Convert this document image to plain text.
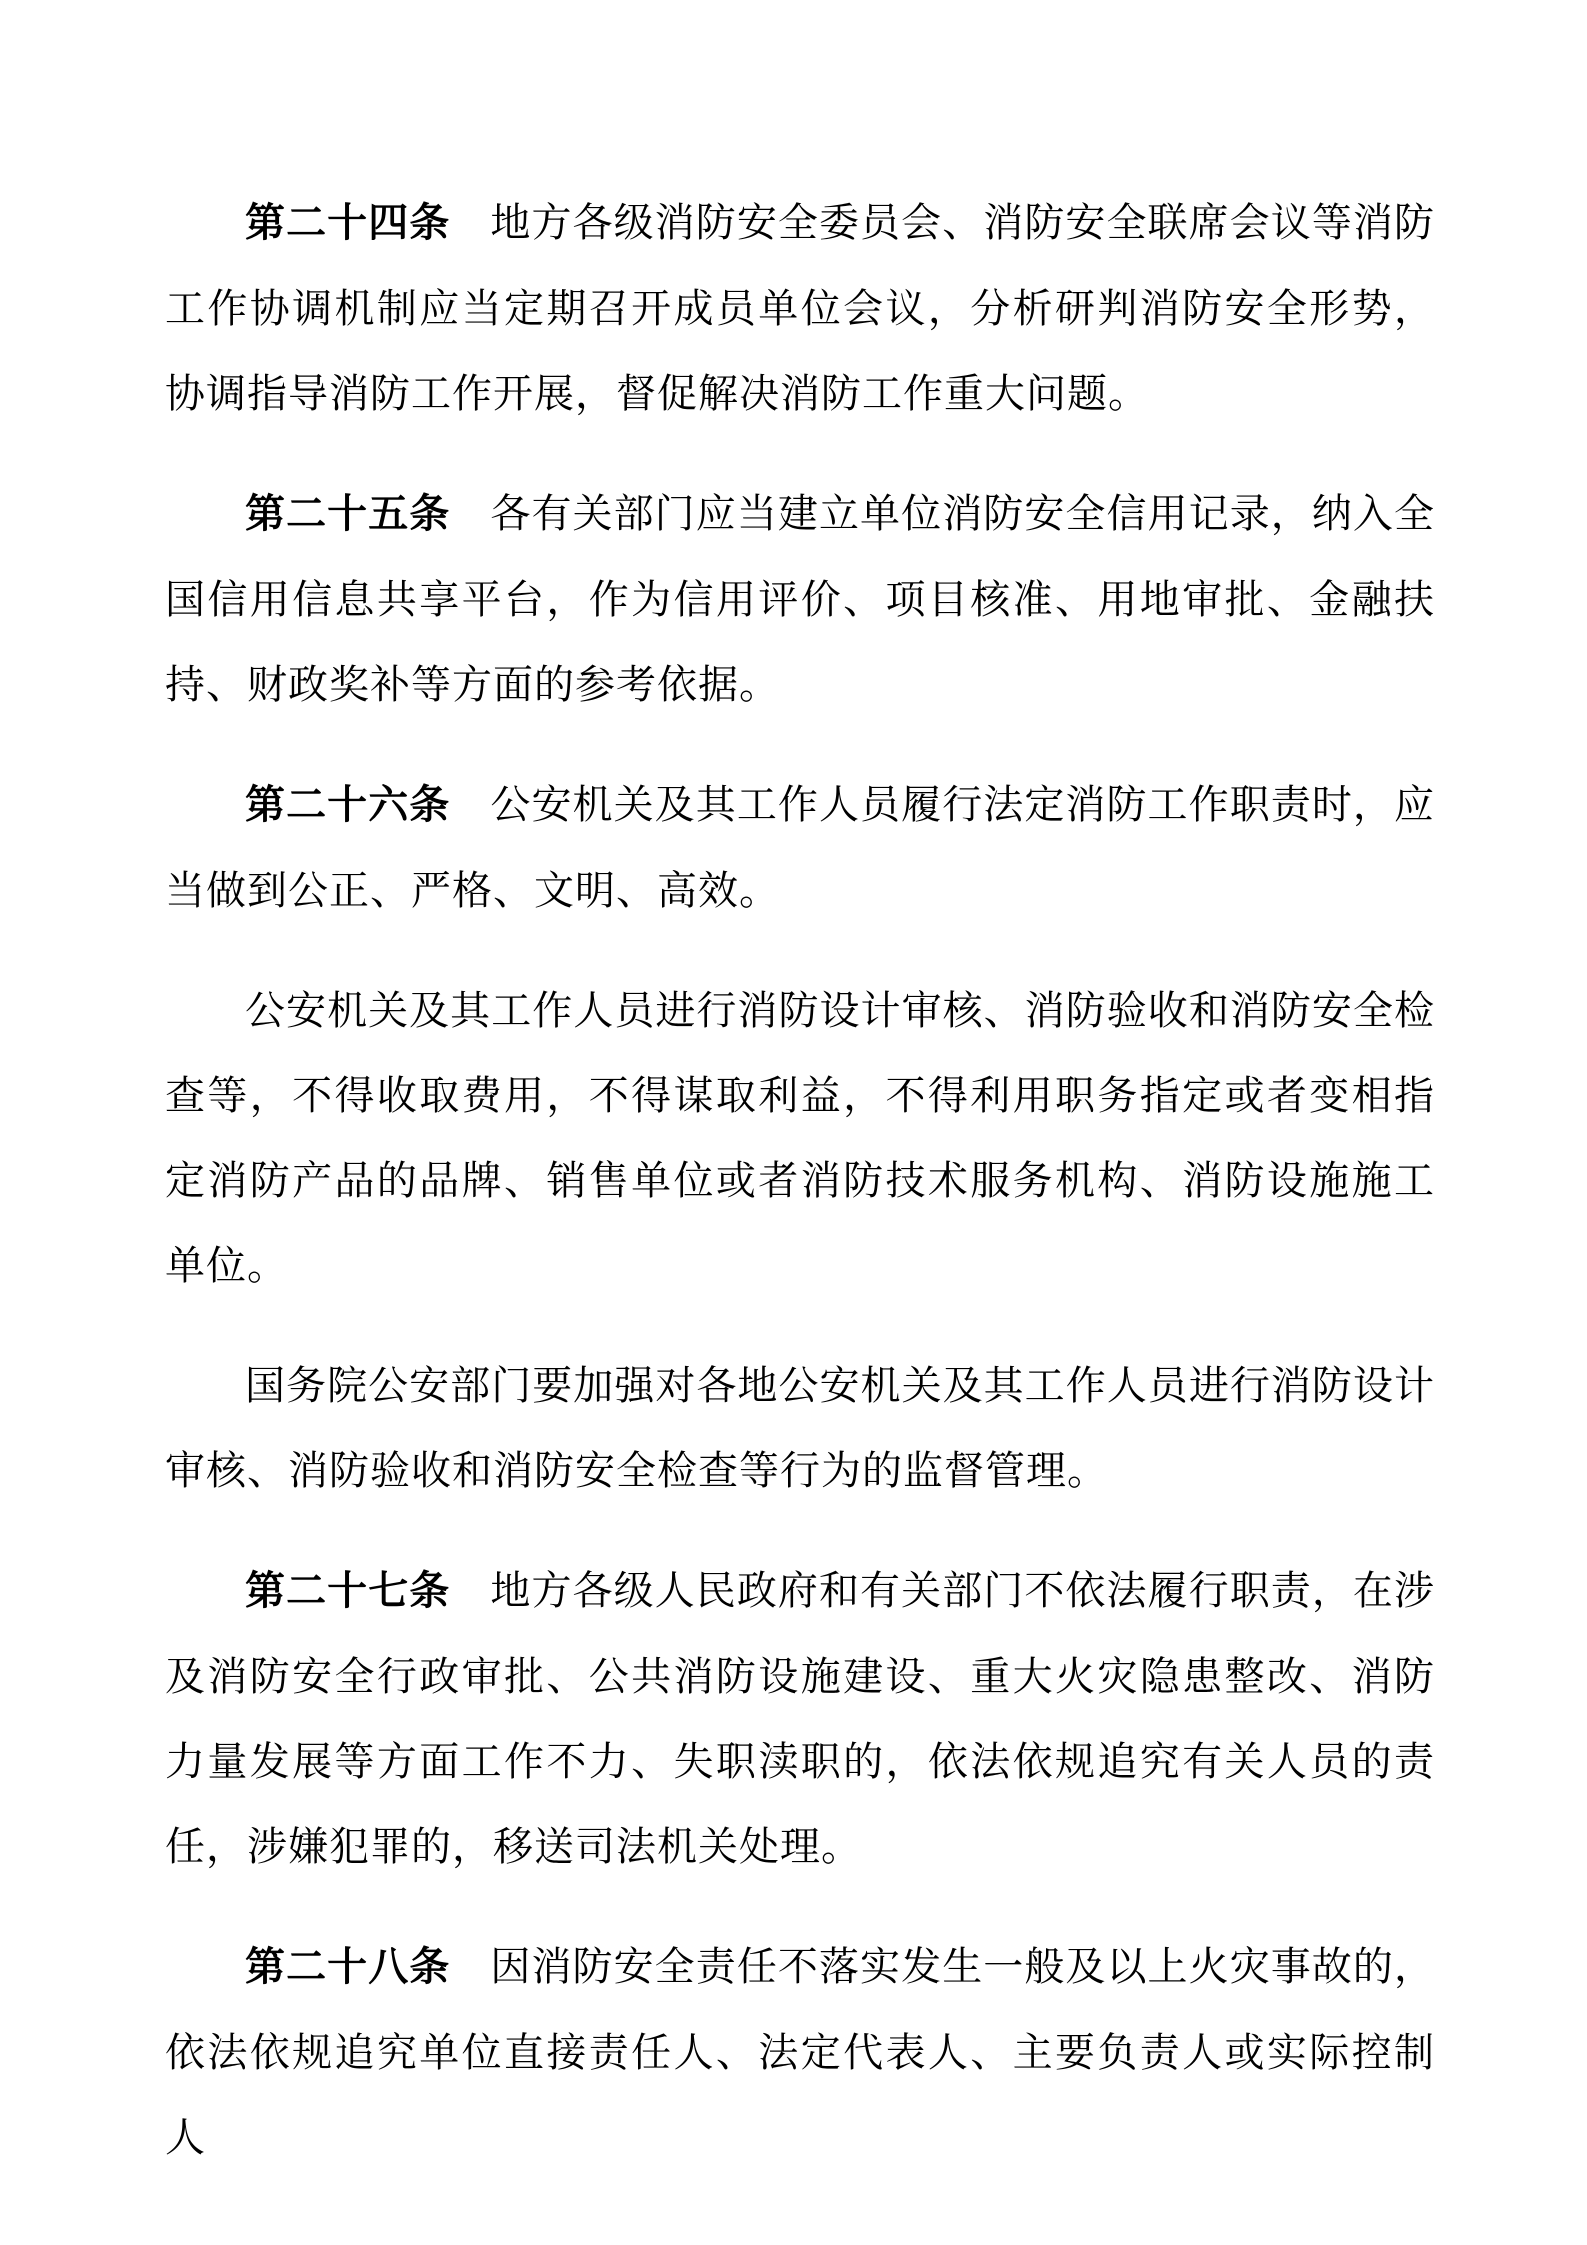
第二十四条 地方各级消防安全委员会、消防安全联席会议等消防工作协调机制应当定期召开成员单位会议，分析研判消防安全形势，协调指导消防工作开展，督促解决消防工作重大问题。

第二十五条 各有关部门应当建立单位消防安全信用记录，纳入全国信用信息共享平台，作为信用评价、项目核准、用地审批、金融扶持、财政奖补等方面的参考依据。

第二十六条 公安机关及其工作人员履行法定消防工作职责时，应当做到公正、严格、文明、高效。

公安机关及其工作人员进行消防设计审核、消防验收和消防安全检查等，不得收取费用，不得谋取利益，不得利用职务指定或者变相指定消防产品的品牌、销售单位或者消防技术服务机构、消防设施施工单位。

国务院公安部门要加强对各地公安机关及其工作人员进行消防设计审核、消防验收和消防安全检查等行为的监督管理。

第二十七条 地方各级人民政府和有关部门不依法履行职责，在涉及消防安全行政审批、公共消防设施建设、重大火灾隐患整改、消防力量发展等方面工作不力、失职渎职的，依法依规追究有关人员的责任，涉嫌犯罪的，移送司法机关处理。

第二十八条 因消防安全责任不落实发生一般及以上火灾事故的，依法依规追究单位直接责任人、法定代表人、主要负责人或实际控制人
